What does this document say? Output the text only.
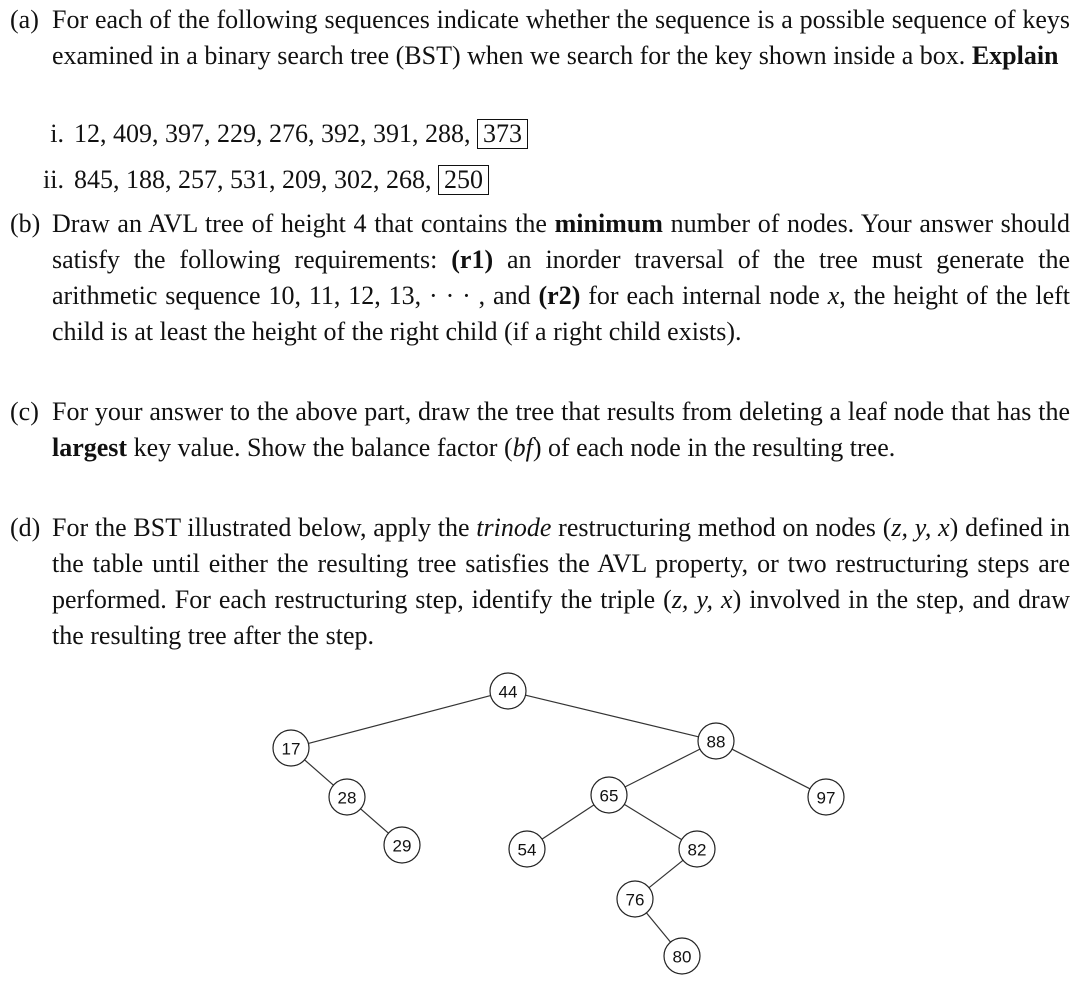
(a) For each of the following sequences indicate whether the sequence is a possible sequence of keys examined in a binary search tree (BST) when we search for the key shown inside a box. Explain
i. 12, 409, 397, 229, 276, 392, 391, 288, 373
ii. 845, 188, 257, 531, 209, 302, 268, 250
(b) Draw an AVL tree of height 4 that contains the minimum number of nodes. Your answer should satisfy the following requirements: (r1) an inorder traversal of the tree must generate the arithmetic sequence 10, 11, 12, 13, · · · , and (r2) for each internal node x, the height of the left child is at least the height of the right child (if a right child exists).
(c) For your answer to the above part, draw the tree that results from deleting a leaf node that has the largest key value. Show the balance factor (bf) of each node in the resulting tree.
(d) For the BST illustrated below, apply the trinode restructuring method on nodes (z, y, x) defined in the table until either the resulting tree satisfies the AVL property, or two restructuring steps are performed. For each restructuring step, identify the triple (z, y, x) involved in the step, and draw the resulting tree after the step.
44
17
28
29
88
65	97
54	82
76
80
